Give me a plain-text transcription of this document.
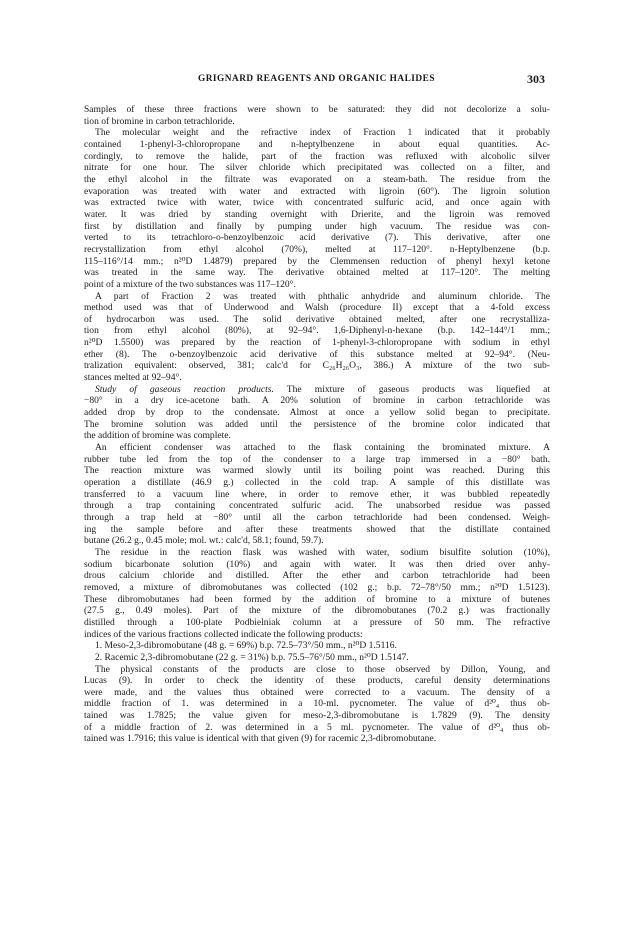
GRIGNARD REAGENTS AND ORGANIC HALIDES	303

Samples of these three fractions were shown to be saturated: they did not decolorize a solu-
tion of bromine in carbon tetrachloride.

The molecular weight and the refractive index of Fraction 1 indicated that it probably
contained 1-phenyl-3-chloropropane and n-heptylbenzene in about equal quantities. Ac-
cordingly, to remove the halide, part of the fraction was refluxed with alcoholic silver
nitrate for one hour. The silver chloride which precipitated was collected on a filter, and
the ethyl alcohol in the filtrate was evaporated on a steam-bath. The residue from the
evaporation was treated with water and extracted with ligroin (60°). The ligroin solution
was extracted twice with water, twice with concentrated sulfuric acid, and once again with
water. It was dried by standing overnight with Drierite, and the ligroin was removed
first by distillation and finally by pumping under high vacuum. The residue was con-
verted to its tetrachloro-o-benzoylbenzoic acid derivative (7). This derivative, after one
recrystallization from ethyl alcohol (70%), melted at 117–120°. n-Heptylbenzene (b.p.
115–116°/14 mm.; n²⁰D 1.4879) prepared by the Clemmensen reduction of phenyl hexyl ketone
was treated in the same way. The derivative obtained melted at 117–120°. The melting
point of a mixture of the two substances was 117–120°.

A part of Fraction 2 was treated with phthalic anhydride and aluminum chloride. The
method used was that of Underwood and Walsh (procedure II) except that a 4-fold excess
of hydrocarbon was used. The solid derivative obtained melted, after one recrystalliza-
tion from ethyl alcohol (80%), at 92–94°. 1,6-Diphenyl-n-hexane (b.p. 142–144°/1 mm.;
n²⁰D 1.5500) was prepared by the reaction of 1-phenyl-3-chloropropane with sodium in ethyl
ether (8). The o-benzoylbenzoic acid derivative of this substance melted at 92–94°. (Neu-
tralization equivalent: observed, 381; calc'd for C₂₆H₂₆O₃, 386.) A mixture of the two sub-
stances melted at 92–94°.

Study of gaseous reaction products. The mixture of gaseous products was liquefied at
−80° in a dry ice-acetone bath. A 20% solution of bromine in carbon tetrachloride was
added drop by drop to the condensate. Almost at once a yellow solid began to precipitate.
The bromine solution was added until the persistence of the bromine color indicated that
the addition of bromine was complete.

An efficient condenser was attached to the flask containing the brominated mixture. A
rubber tube led from the top of the condenser to a large trap immersed in a −80° bath.
The reaction mixture was warmed slowly until its boiling point was reached. During this
operation a distillate (46.9 g.) collected in the cold trap. A sample of this distillate was
transferred to a vacuum line where, in order to remove ether, it was bubbled repeatedly
through a trap containing concentrated sulfuric acid. The unabsorbed residue was passed
through a trap held at −80° until all the carbon tetrachloride had been condensed. Weigh-
ing the sample before and after these treatments showed that the distillate contained
butane (26.2 g., 0.45 mole; mol. wt.: calc'd, 58.1; found, 59.7).

The residue in the reaction flask was washed with water, sodium bisulfite solution (10%),
sodium bicarbonate solution (10%) and again with water. It was then dried over anhy-
drous calcium chloride and distilled. After the ether and carbon tetrachloride had been
removed, a mixture of dibromobutanes was collected (102 g.; b.p. 72–78°/50 mm.; n²⁰D 1.5123).
These dibromobutanes had been formed by the addition of bromine to a mixture of butenes
(27.5 g., 0.49 moles). Part of the mixture of the dibromobutanes (70.2 g.) was fractionally
distilled through a 100-plate Podbielniak column at a pressure of 50 mm. The refractive
indices of the various fractions collected indicate the following products:

1. Meso-2,3-dibromobutane (48 g. = 69%) b.p. 72.5–73°/50 mm., n²⁰D 1.5116.
2. Racemic 2,3-dibromobutane (22 g. = 31%) b.p. 75.5–76°/50 mm., n²⁰D 1.5147.

The physical constants of the products are close to those observed by Dillon, Young, and
Lucas (9). In order to check the identity of these products, careful density determinations
were made, and the values thus obtained were corrected to a vacuum. The density of a
middle fraction of 1. was determined in a 10-ml. pycnometer. The value of d²⁰₄ thus ob-
tained was 1.7825; the value given for meso-2,3-dibromobutane is 1.7829 (9). The density
of a middle fraction of 2. was determined in a 5 ml. pycnometer. The value of d²⁰₄ thus ob-
tained was 1.7916; this value is identical with that given (9) for racemic 2,3-dibromobutane.
